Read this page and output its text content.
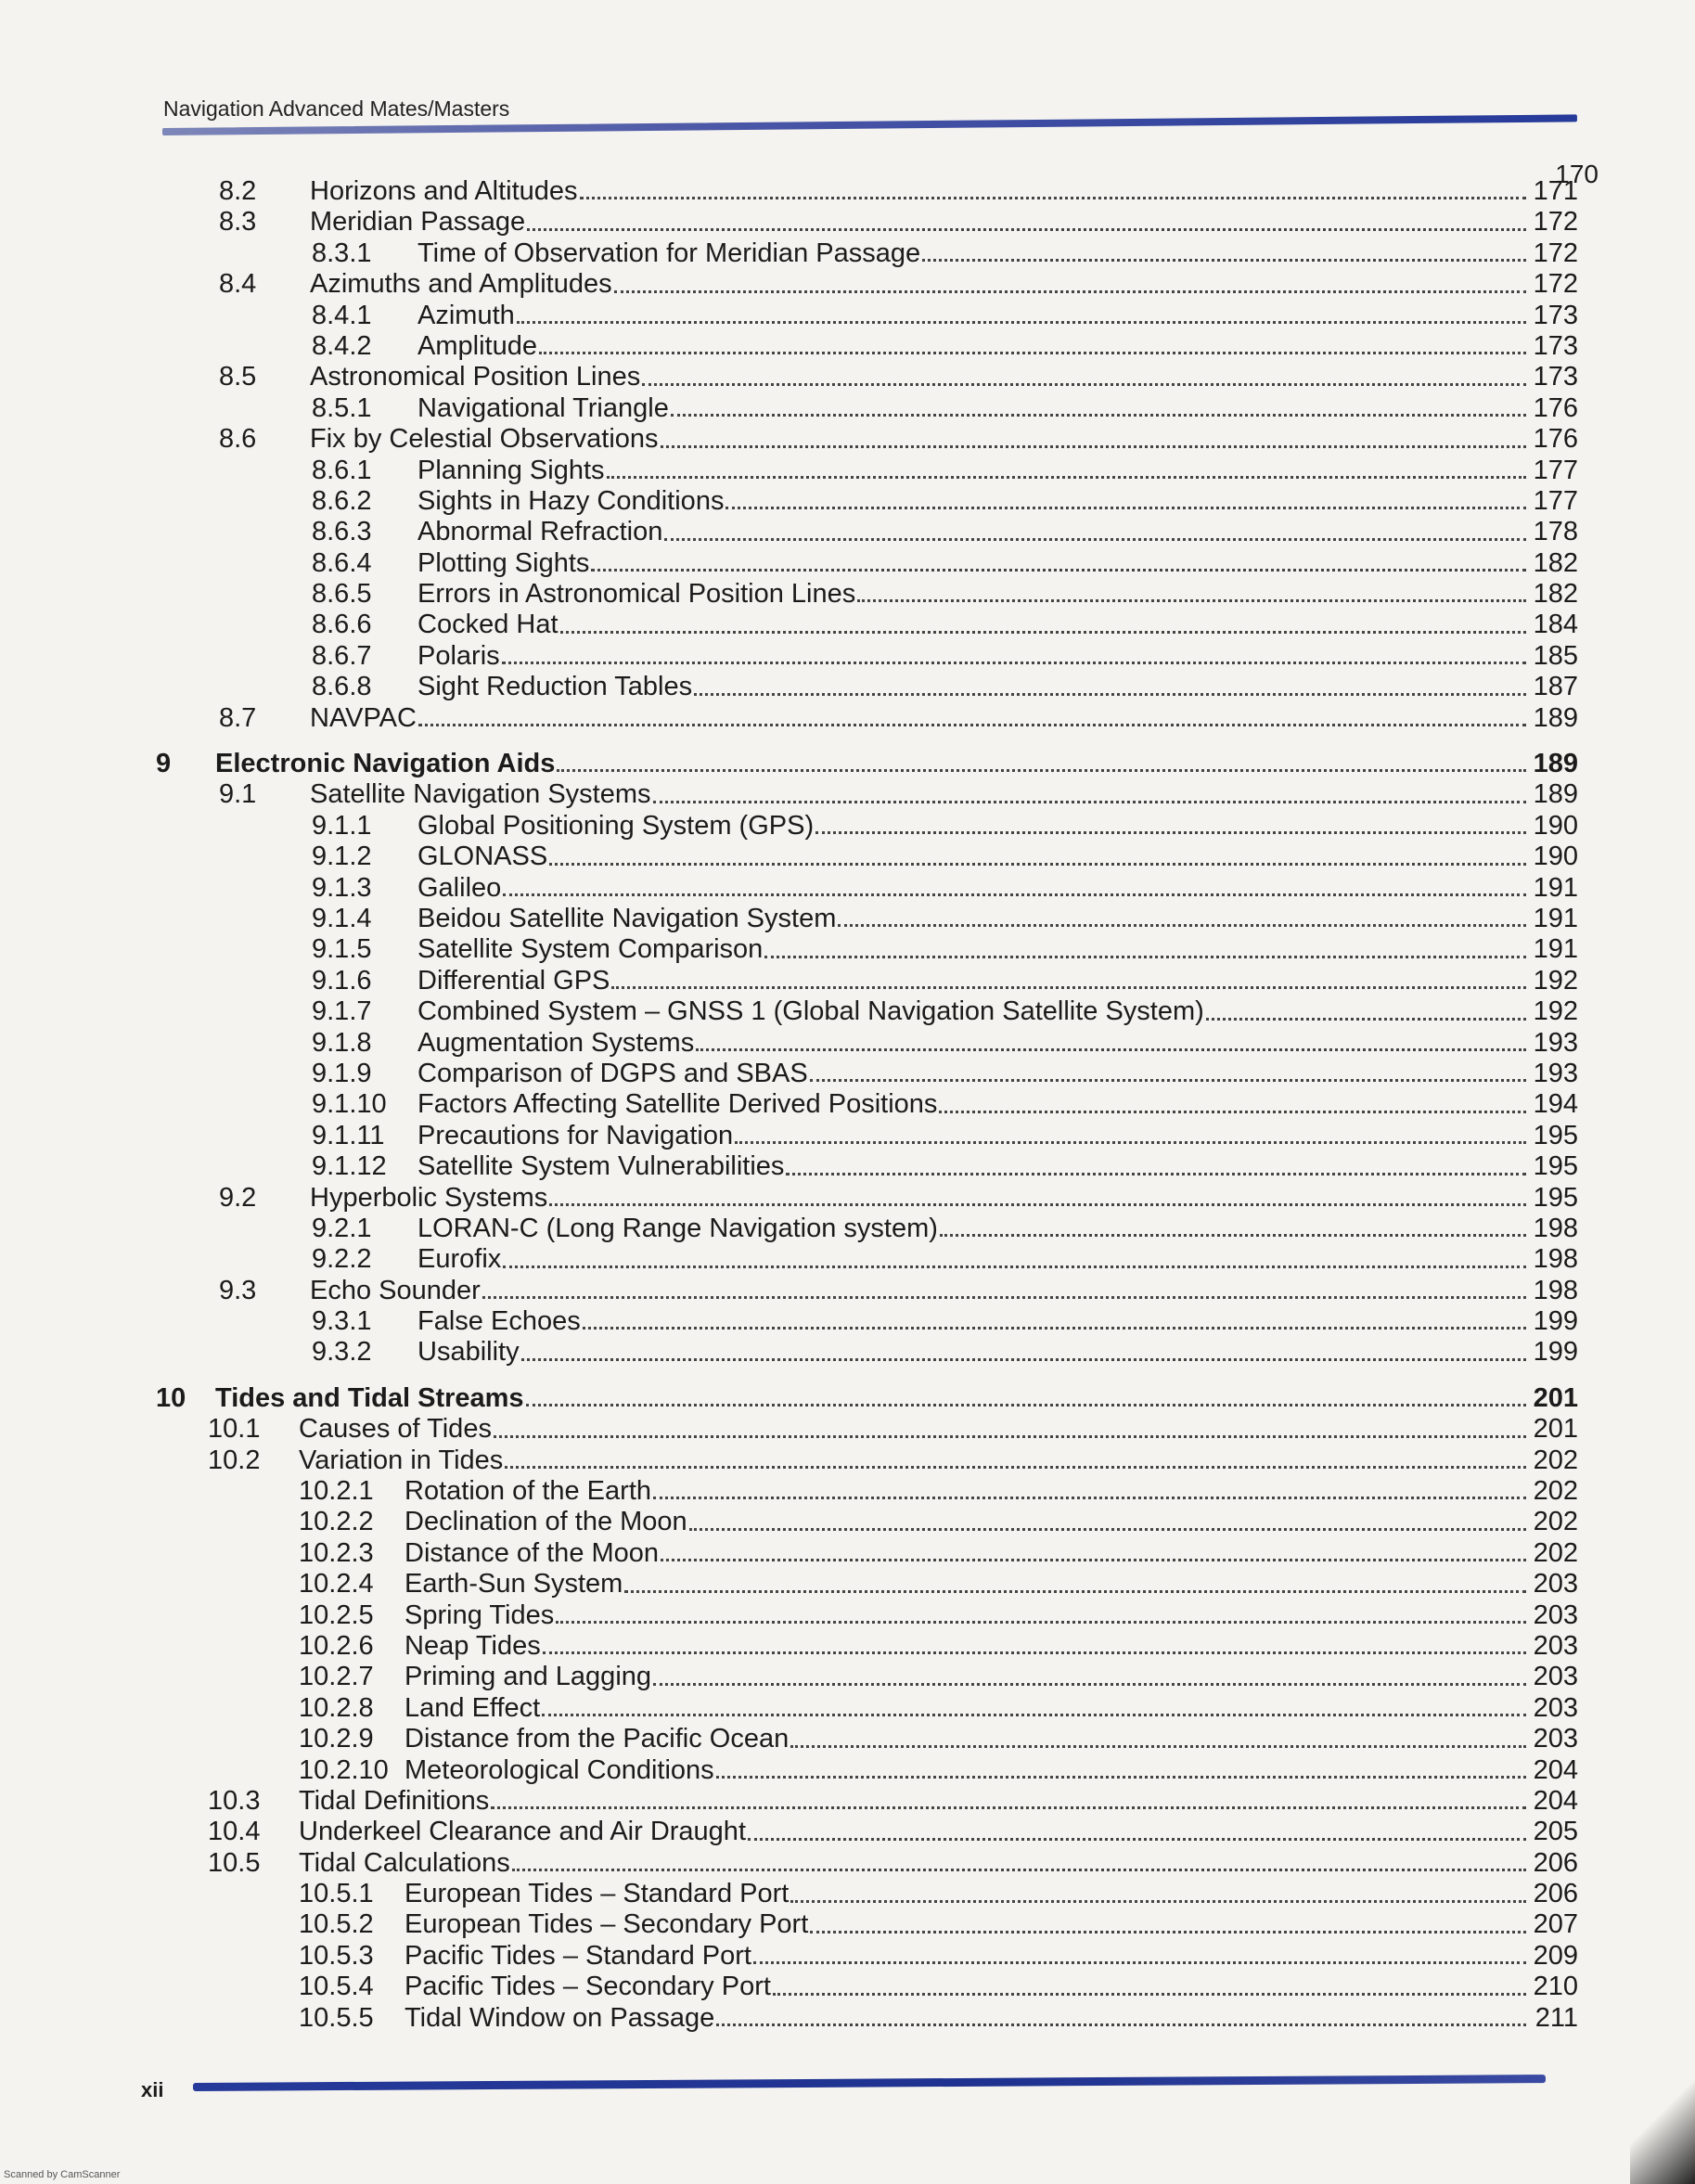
Navigation Advanced Mates/Masters
170
8.2 Horizons and Altitudes	171
8.3 Meridian Passage	172
8.3.1 Time of Observation for Meridian Passage	172
8.4 Azimuths and Amplitudes	172
8.4.1 Azimuth	173
8.4.2 Amplitude	173
8.5 Astronomical Position Lines	173
8.5.1 Navigational Triangle	176
8.6 Fix by Celestial Observations	176
8.6.1 Planning Sights	177
8.6.2 Sights in Hazy Conditions	177
8.6.3 Abnormal Refraction	178
8.6.4 Plotting Sights	182
8.6.5 Errors in Astronomical Position Lines	182
8.6.6 Cocked Hat	184
8.6.7 Polaris	185
8.6.8 Sight Reduction Tables	187
8.7 NAVPAC	189
9 Electronic Navigation Aids	189
9.1 Satellite Navigation Systems	189
9.1.1 Global Positioning System (GPS)	190
9.1.2 GLONASS	190
9.1.3 Galileo	191
9.1.4 Beidou Satellite Navigation System	191
9.1.5 Satellite System Comparison	191
9.1.6 Differential GPS	192
9.1.7 Combined System – GNSS 1 (Global Navigation Satellite System)	192
9.1.8 Augmentation Systems	193
9.1.9 Comparison of DGPS and SBAS	193
9.1.10 Factors Affecting Satellite Derived Positions	194
9.1.11 Precautions for Navigation	195
9.1.12 Satellite System Vulnerabilities	195
9.2 Hyperbolic Systems	195
9.2.1 LORAN-C (Long Range Navigation system)	198
9.2.2 Eurofix	198
9.3 Echo Sounder	198
9.3.1 False Echoes	199
9.3.2 Usability	199
10 Tides and Tidal Streams	201
10.1 Causes of Tides	201
10.2 Variation in Tides	202
10.2.1 Rotation of the Earth	202
10.2.2 Declination of the Moon	202
10.2.3 Distance of the Moon	202
10.2.4 Earth-Sun System	203
10.2.5 Spring Tides	203
10.2.6 Neap Tides	203
10.2.7 Priming and Lagging	203
10.2.8 Land Effect	203
10.2.9 Distance from the Pacific Ocean	203
10.2.10 Meteorological Conditions	204
10.3 Tidal Definitions	204
10.4 Underkeel Clearance and Air Draught	205
10.5 Tidal Calculations	206
10.5.1 European Tides – Standard Port	206
10.5.2 European Tides – Secondary Port	207
10.5.3 Pacific Tides – Standard Port	209
10.5.4 Pacific Tides – Secondary Port	210
10.5.5 Tidal Window on Passage	211
xii
Scanned by CamScanner
